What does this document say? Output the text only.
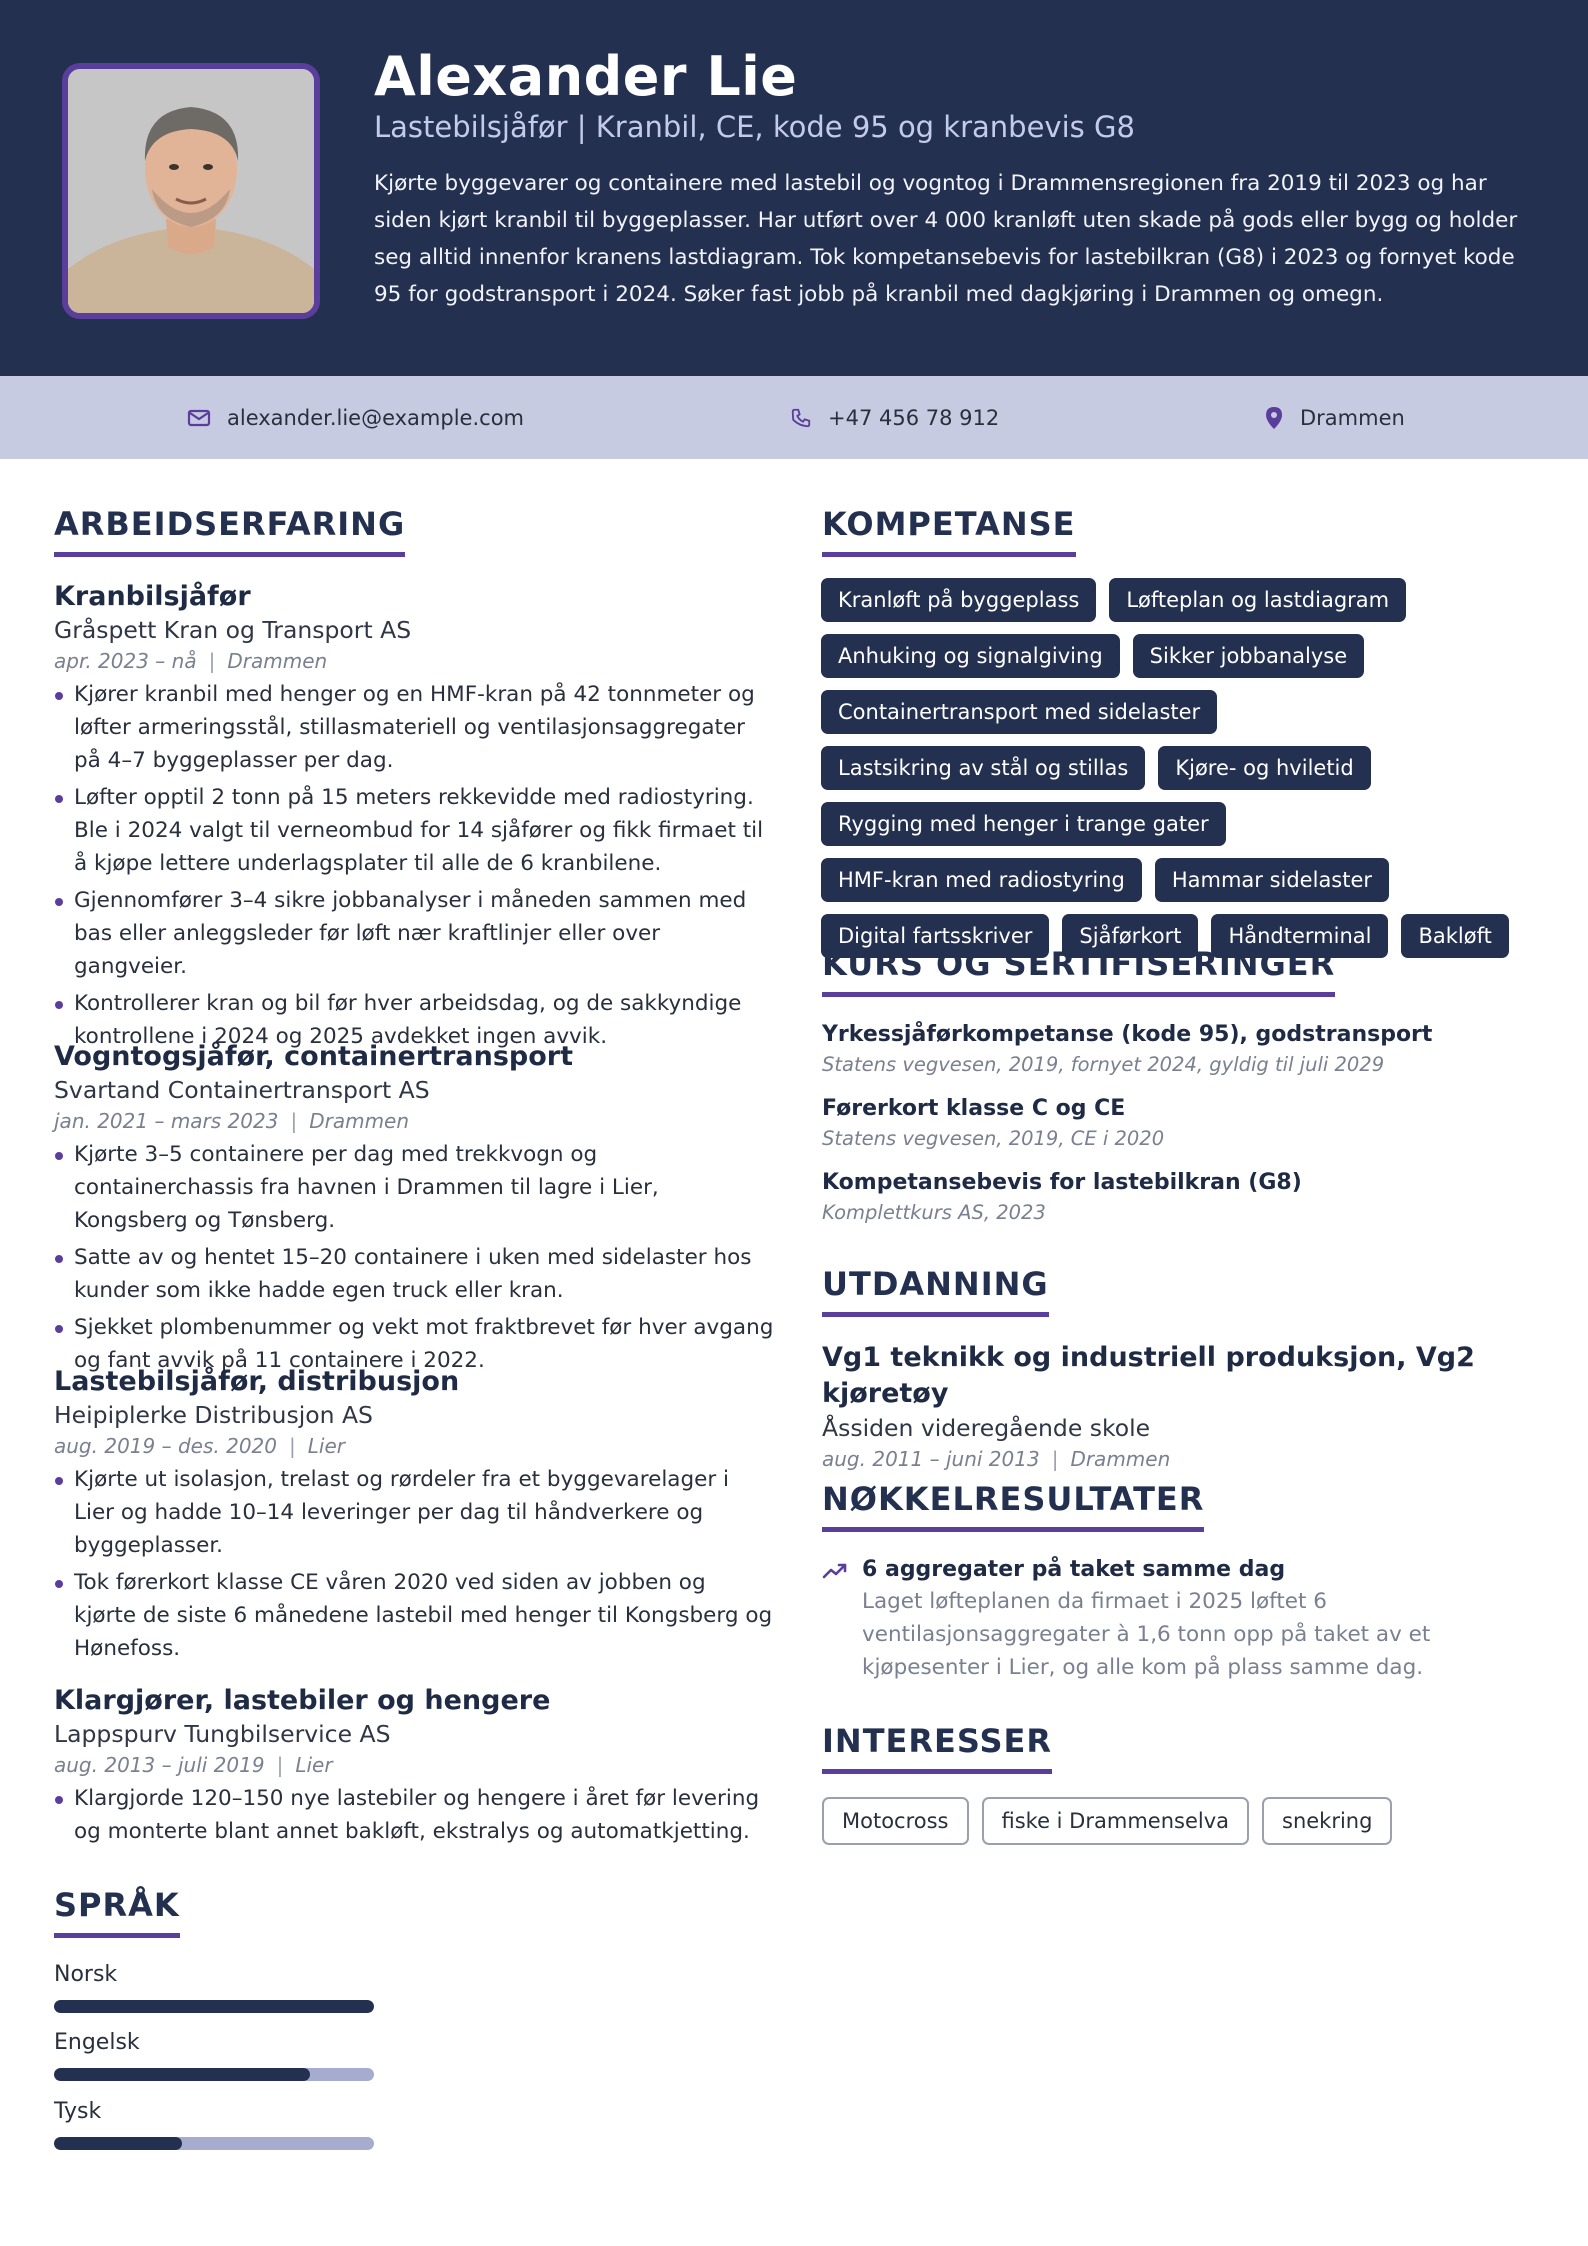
Alexander Lie
Lastebilsjåfør | Kranbil, CE, kode 95 og kranbevis G8
Kjørte byggevarer og containere med lastebil og vogntog i Drammensregionen fra 2019 til 2023 og har siden kjørt kranbil til byggeplasser. Har utført over 4 000 kranløft uten skade på gods eller bygg og holder seg alltid innenfor kranens lastdiagram. Tok kompetansebevis for lastebilkran (G8) i 2023 og fornyet kode 95 for godstransport i 2024. Søker fast jobb på kranbil med dagkjøring i Drammen og omegn.
alexander.lie@example.com	+47 456 78 912	Drammen
ARBEIDSERFARING
Kranbilsjåfør
Gråspett Kran og Transport AS
apr. 2023 – nå | Drammen
Kjører kranbil med henger og en HMF-kran på 42 tonnmeter og løfter armeringsstål, stillasmateriell og ventilasjonsaggregater på 4–7 byggeplasser per dag.
Løfter opptil 2 tonn på 15 meters rekkevidde med radiostyring. Ble i 2024 valgt til verneombud for 14 sjåfører og fikk firmaet til å kjøpe lettere underlagsplater til alle de 6 kranbilene.
Gjennomfører 3–4 sikre jobbanalyser i måneden sammen med bas eller anleggsleder før løft nær kraftlinjer eller over gangveier.
Kontrollerer kran og bil før hver arbeidsdag, og de sakkyndige kontrollene i 2024 og 2025 avdekket ingen avvik.
Vogntogsjåfør, containertransport
Svartand Containertransport AS
jan. 2021 – mars 2023 | Drammen
Kjørte 3–5 containere per dag med trekkvogn og containerchassis fra havnen i Drammen til lagre i Lier, Kongsberg og Tønsberg.
Satte av og hentet 15–20 containere i uken med sidelaster hos kunder som ikke hadde egen truck eller kran.
Sjekket plombenummer og vekt mot fraktbrevet før hver avgang og fant avvik på 11 containere i 2022.
Lastebilsjåfør, distribusjon
Heipiplerke Distribusjon AS
aug. 2019 – des. 2020 | Lier
Kjørte ut isolasjon, trelast og rørdeler fra et byggevarelager i Lier og hadde 10–14 leveringer per dag til håndverkere og byggeplasser.
Tok førerkort klasse CE våren 2020 ved siden av jobben og kjørte de siste 6 månedene lastebil med henger til Kongsberg og Hønefoss.
Klargjører, lastebiler og hengere
Lappspurv Tungbilservice AS
aug. 2013 – juli 2019 | Lier
Klargjorde 120–150 nye lastebiler og hengere i året før levering og monterte blant annet bakløft, ekstralys og automatkjetting.
SPRÅK
Norsk
Engelsk
Tysk
KOMPETANSE
Kranløft på byggeplass	Løfteplan og lastdiagram
Anhuking og signalgiving	Sikker jobbanalyse
Containertransport med sidelaster
Lastsikring av stål og stillas	Kjøre- og hviletid
Rygging med henger i trange gater
HMF-kran med radiostyring	Hammar sidelaster
Digital fartsskriver	Sjåførkort	Håndterminal	Bakløft
KURS OG SERTIFISERINGER
Yrkessjåførkompetanse (kode 95), godstransport
Statens vegvesen, 2019, fornyet 2024, gyldig til juli 2029
Førerkort klasse C og CE
Statens vegvesen, 2019, CE i 2020
Kompetansebevis for lastebilkran (G8)
Komplettkurs AS, 2023
UTDANNING
Vg1 teknikk og industriell produksjon, Vg2 kjøretøy
Åssiden videregående skole
aug. 2011 – juni 2013 | Drammen
NØKKELRESULTATER
6 aggregater på taket samme dag
Laget løfteplanen da firmaet i 2025 løftet 6 ventilasjonsaggregater à 1,6 tonn opp på taket av et kjøpesenter i Lier, og alle kom på plass samme dag.
INTERESSER
Motocross	fiske i Drammenselva	snekring
